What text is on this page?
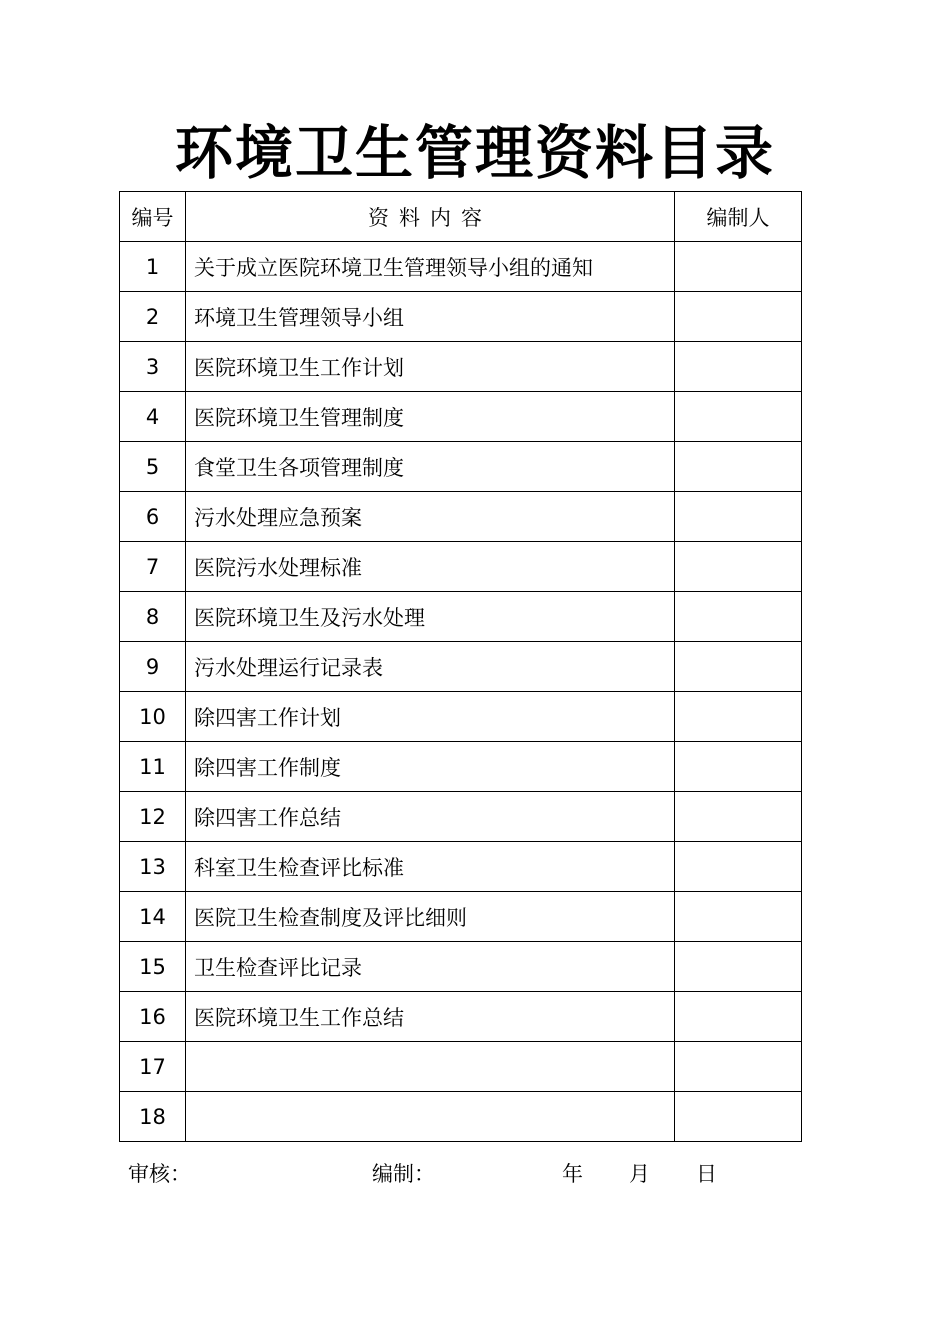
环境卫生管理资料目录
编号	资料内容	编制人
1	关于成立医院环境卫生管理领导小组的通知	
2	环境卫生管理领导小组	
3	医院环境卫生工作计划	
4	医院环境卫生管理制度	
5	食堂卫生各项管理制度	
6	污水处理应急预案	
7	医院污水处理标准	
8	医院环境卫生及污水处理	
9	污水处理运行记录表	
10	除四害工作计划	
11	除四害工作制度	
12	除四害工作总结	
13	科室卫生检查评比标准	
14	医院卫生检查制度及评比细则	
15	卫生检查评比记录	
16	医院环境卫生工作总结	
17		
18		
审核：	编制：	年 月 日
